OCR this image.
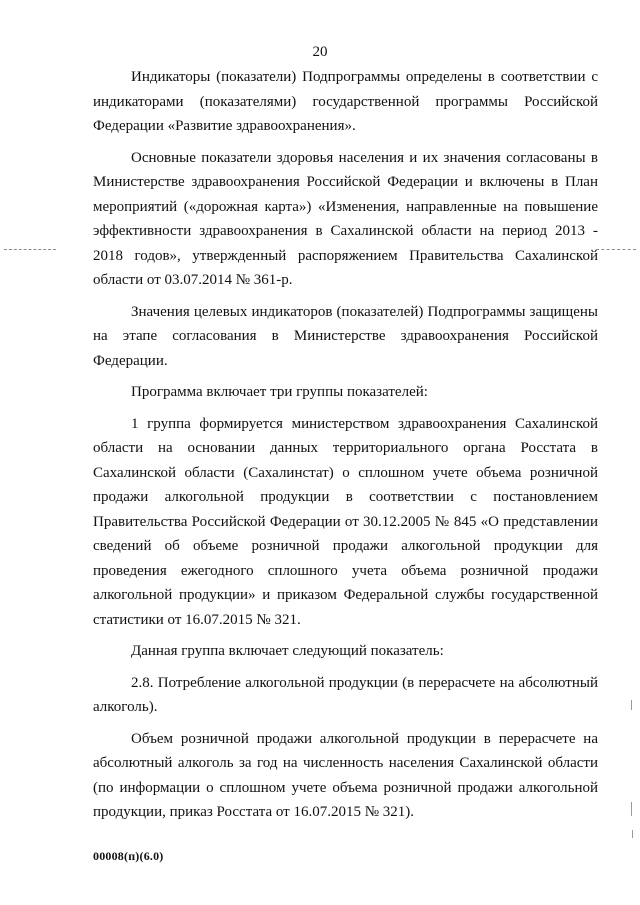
20

Индикаторы (показатели) Подпрограммы определены в соответствии с индикаторами (показателями) государственной программы Российской Федерации «Развитие здравоохранения».

Основные показатели здоровья населения и их значения согласованы в Министерстве здравоохранения Российской Федерации и включены в План мероприятий («дорожная карта») «Изменения, направленные на повышение эффективности здравоохранения в Сахалинской области на период 2013 - 2018 годов», утвержденный распоряжением Правительства Сахалинской области от 03.07.2014 № 361-р.

Значения целевых индикаторов (показателей) Подпрограммы защищены на этапе согласования в Министерстве здравоохранения Российской Федерации.

Программа включает три группы показателей:

1 группа формируется министерством здравоохранения Сахалинской области на основании данных территориального органа Росстата в Сахалинской области (Сахалинстат) о сплошном учете объема розничной продажи алкогольной продукции в соответствии с постановлением Правительства Российской Федерации от 30.12.2005 № 845 «О представлении сведений об объеме розничной продажи алкогольной продукции для проведения ежегодного сплошного учета объема розничной продажи алкогольной продукции» и приказом Федеральной службы государственной статистики от 16.07.2015 № 321.

Данная группа включает следующий показатель:

2.8. Потребление алкогольной продукции (в перерасчете на абсолютный алкоголь).

Объем розничной продажи алкогольной продукции в перерасчете на абсолютный алкоголь за год на численность населения Сахалинской области (по информации о сплошном учете объема розничной продажи алкогольной продукции, приказ Росстата от 16.07.2015 № 321).

00008(п)(6.0)
